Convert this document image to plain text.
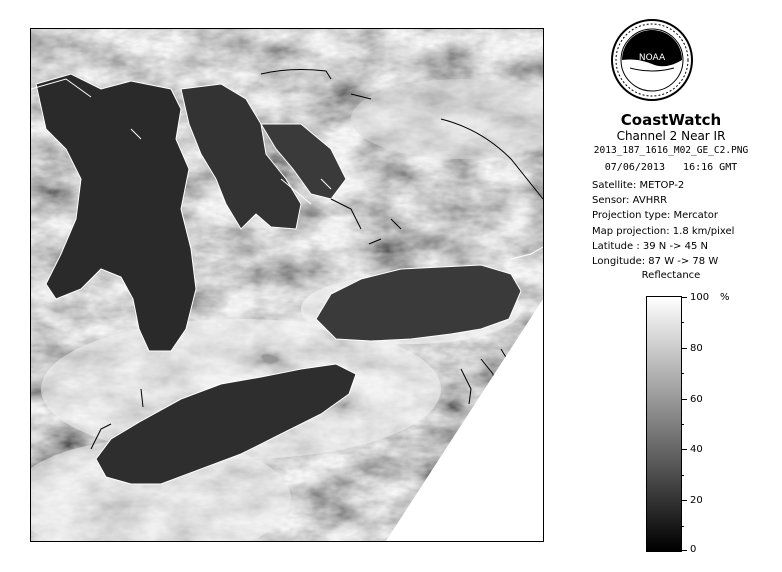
NOAA
CoastWatch
Channel 2 Near IR
2013_187_1616_M02_GE_C2.PNG
07/06/2013 16:16 GMT
Satellite: METOP-2
Sensor: AVHRR
Projection type: Mercator
Map projection: 1.8 km/pixel
Latitude : 39 N -> 45 N
Longitude: 87 W -> 78 W
Reflectance
%
100
80
60
40
20
0
